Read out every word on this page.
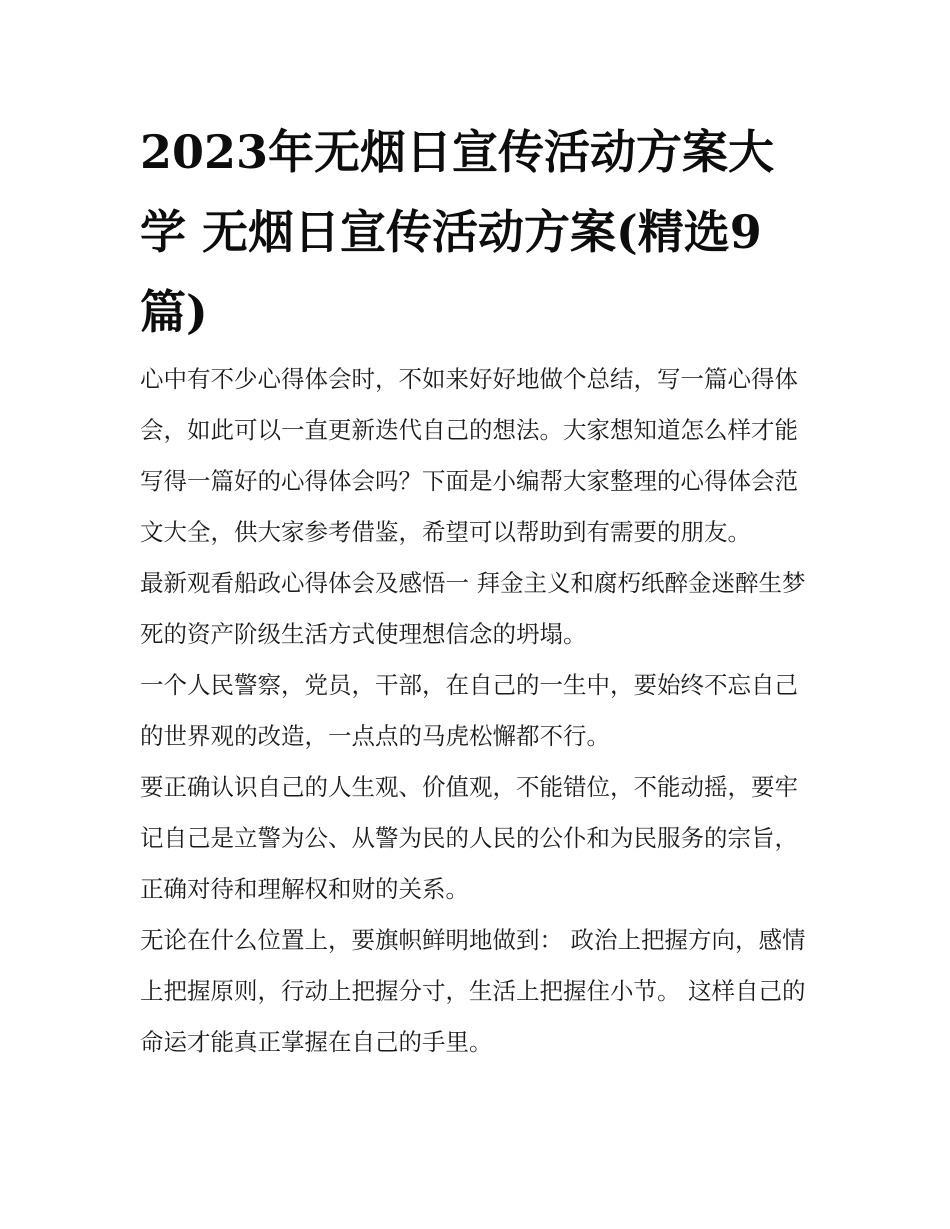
2023年无烟日宣传活动方案大学 无烟日宣传活动方案(精选9篇)

心中有不少心得体会时，不如来好好地做个总结，写一篇心得体会，如此可以一直更新迭代自己的想法。大家想知道怎么样才能写得一篇好的心得体会吗？下面是小编帮大家整理的心得体会范文大全，供大家参考借鉴，希望可以帮助到有需要的朋友。

最新观看船政心得体会及感悟一 拜金主义和腐朽纸醉金迷醉生梦死的资产阶级生活方式使理想信念的坍塌。

一个人民警察，党员，干部，在自己的一生中，要始终不忘自己的世界观的改造，一点点的马虎松懈都不行。

要正确认识自己的人生观、价值观，不能错位，不能动摇，要牢记自己是立警为公、从警为民的人民的公仆和为民服务的宗旨，正确对待和理解权和财的关系。

无论在什么位置上，要旗帜鲜明地做到： 政治上把握方向，感情上把握原则，行动上把握分寸，生活上把握住小节。 这样自己的命运才能真正掌握在自己的手里。
